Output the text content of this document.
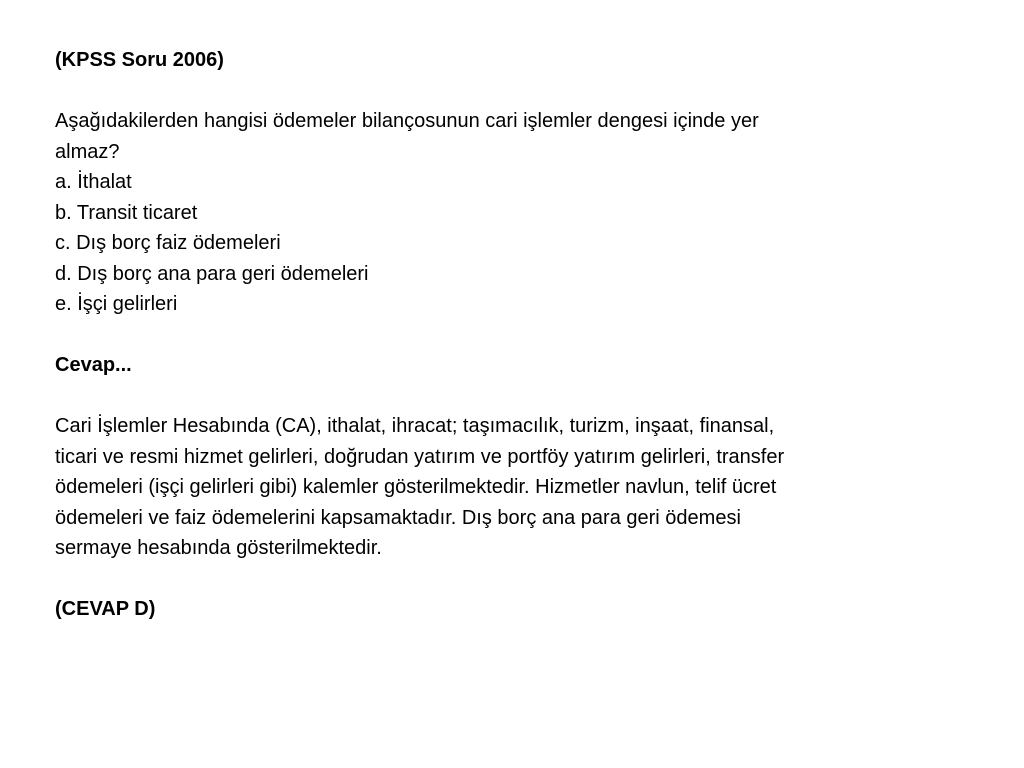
(KPSS Soru 2006)
Aşağıdakilerden hangisi ödemeler bilançosunun cari işlemler dengesi içinde yer
almaz?
a. İthalat
b. Transit ticaret
c. Dış borç faiz ödemeleri
d. Dış borç ana para geri ödemeleri
e. İşçi gelirleri
Cevap...
Cari İşlemler Hesabında (CA), ithalat, ihracat; taşımacılık, turizm, inşaat, finansal,
ticari ve resmi hizmet gelirleri, doğrudan yatırım ve portföy yatırım gelirleri, transfer
ödemeleri (işçi gelirleri gibi) kalemler gösterilmektedir. Hizmetler navlun, telif ücret
ödemeleri ve faiz ödemelerini kapsamaktadır. Dış borç ana para geri ödemesi
sermaye hesabında gösterilmektedir.
(CEVAP D)
